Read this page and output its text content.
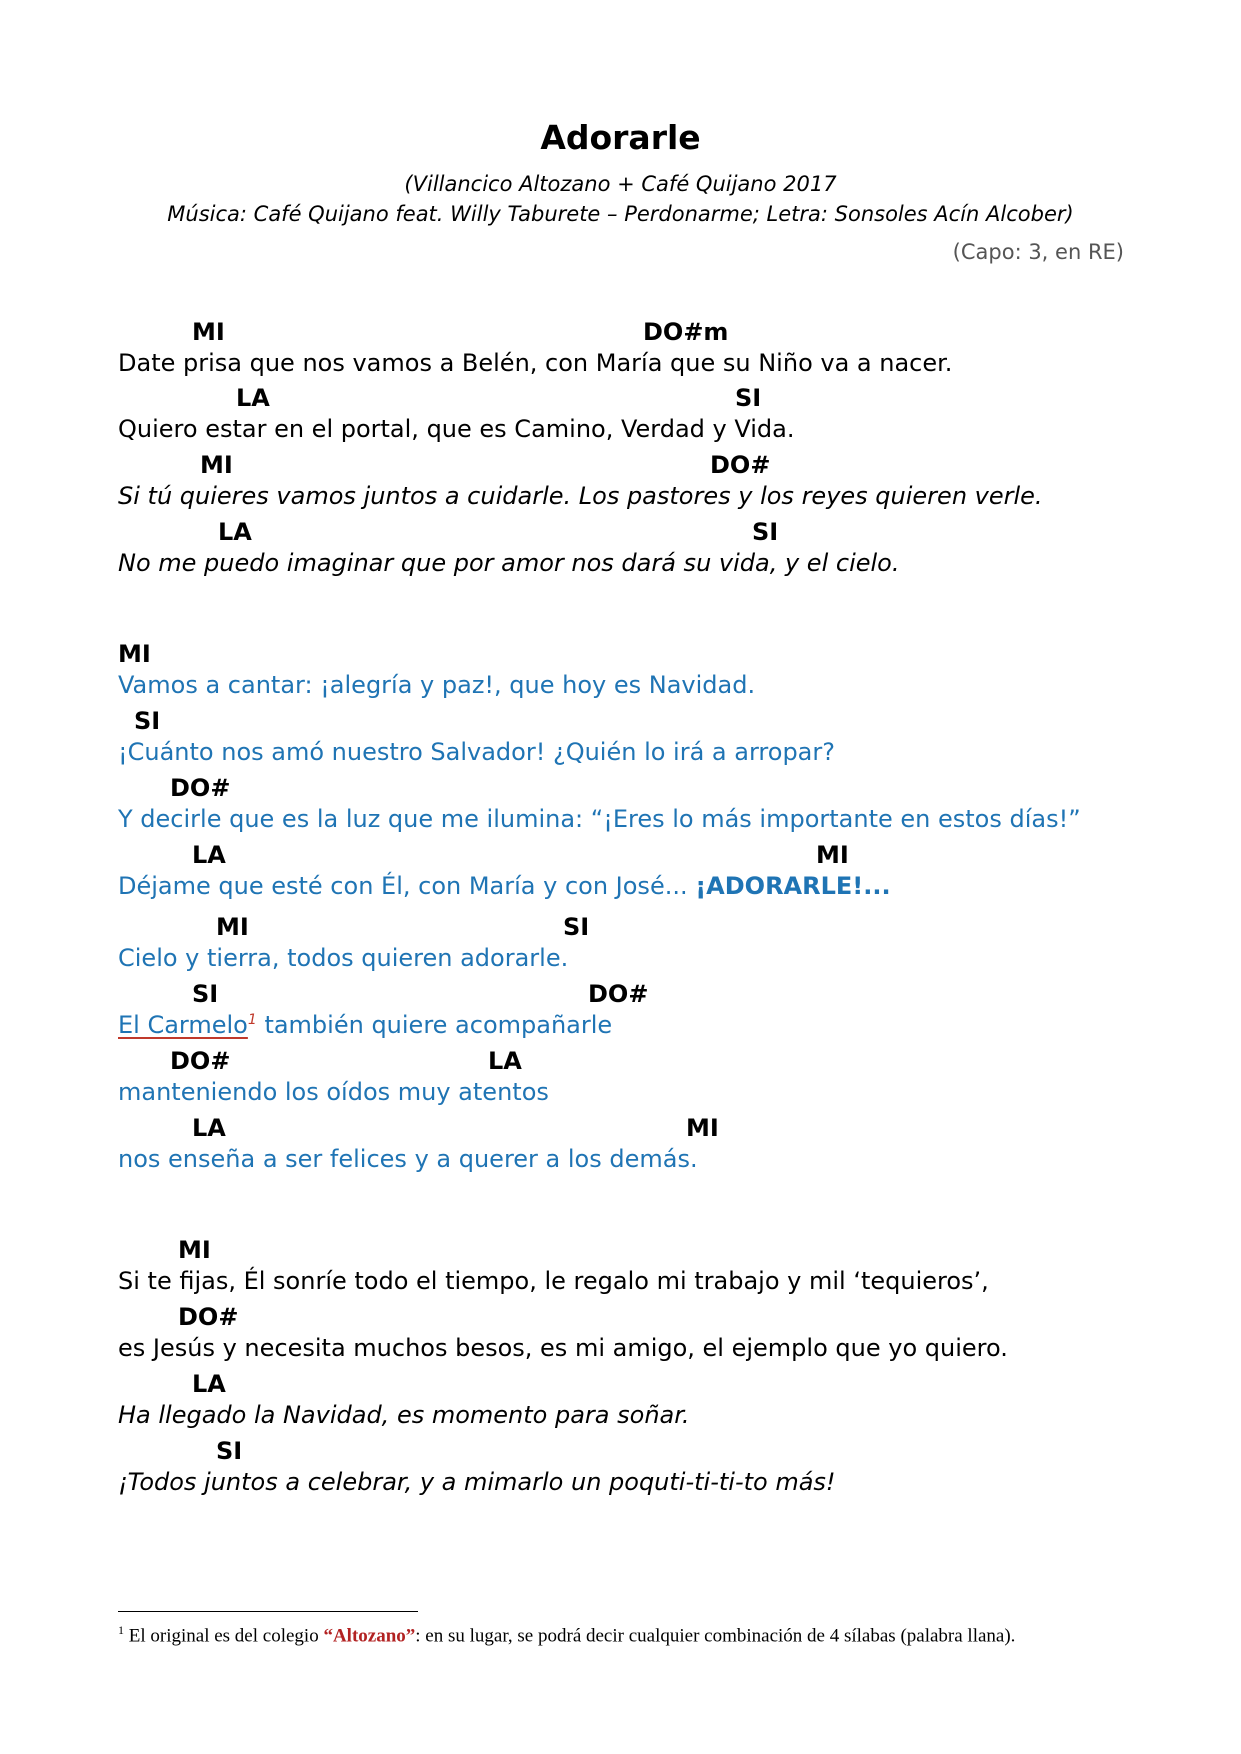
Adorarle
(Villancico Altozano + Café Quijano 2017
Música: Café Quijano feat. Willy Taburete – Perdonarme; Letra: Sonsoles Acín Alcober)
(Capo: 3, en RE)
MI	DO#m
Date prisa que nos vamos a Belén, con María que su Niño va a nacer.
LA	SI
Quiero estar en el portal, que es Camino, Verdad y Vida.
MI	DO#
Si tú quieres vamos juntos a cuidarle. Los pastores y los reyes quieren verle.
LA	SI
No me puedo imaginar que por amor nos dará su vida, y el cielo.
MI
Vamos a cantar: ¡alegría y paz!, que hoy es Navidad.
SI
¡Cuánto nos amó nuestro Salvador! ¿Quién lo irá a arropar?
DO#
Y decirle que es la luz que me ilumina: “¡Eres lo más importante en estos días!”
LA	MI
Déjame que esté con Él, con María y con José... ¡ADORARLE!...
MI	SI
Cielo y tierra, todos quieren adorarle.
SI	DO#
El Carmelo$^1$ también quiere acompañarle
DO#	LA
manteniendo los oídos muy atentos
LA	MI
nos enseña a ser felices y a querer a los demás.
MI
Si te fijas, Él sonríe todo el tiempo, le regalo mi trabajo y mil ‘tequieros’,
DO#
es Jesús y necesita muchos besos, es mi amigo, el ejemplo que yo quiero.
LA
Ha llegado la Navidad, es momento para soñar.
SI
¡Todos juntos a celebrar, y a mimarlo un poquti-ti-ti-to más!
$^1$ El original es del colegio “Altozano”: en su lugar, se podrá decir cualquier combinación de 4 sílabas (palabra llana).
